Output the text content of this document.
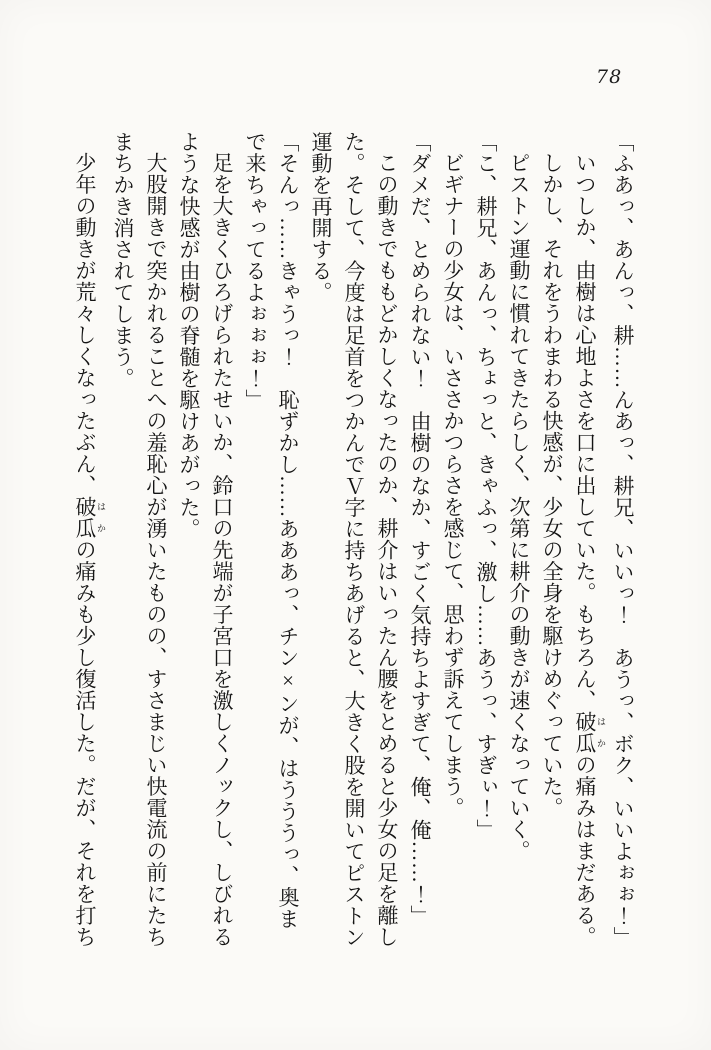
78

「ふあっ、あんっ、耕……んあっ、耕兄、いいっ！　あうっ、ボク、いいよぉぉ！」

いつしか、由樹は心地よさを口に出していた。もちろん、破瓜 はかの痛みはまだある。

しかし、それをうわまわる快感が、少女の全身を駆けめぐっていた。

ピストン運動に慣れてきたらしく、次第に耕介の動きが速くなっていく。

「こ、耕兄、あんっ、ちょっと、きゃふっ、激し……あうっ、すぎぃ！」

ビギナーの少女は、いささかつらさを感じて、思わず訴えてしまう。

「ダメだ、とめられない！　由樹のなか、すごく気持ちよすぎて、俺、俺……！」

この動きでももどかしくなったのか、耕介はいったん腰をとめると少女の足を離した。そして、今度は足首をつかんでＶ字に持ちあげると、大きく股を開いてピストン運動を再開する。

「そんっ……きゃうっ！　恥ずかし……あああっ、チン×ンが、はうううっ、奥まで来ちゃってるよぉぉぉ！」

足を大きくひろげられたせいか、鈴口の先端が子宮口を激しくノックし、しびれるような快感が由樹の脊髄を駆けあがった。

大股開きで突かれることへの羞恥心が湧いたものの、すさまじい快電流の前にたちまちかき消されてしまう。

少年の動きが荒々しくなったぶん、破瓜 はかの痛みも少し復活した。だが、それを打ち
